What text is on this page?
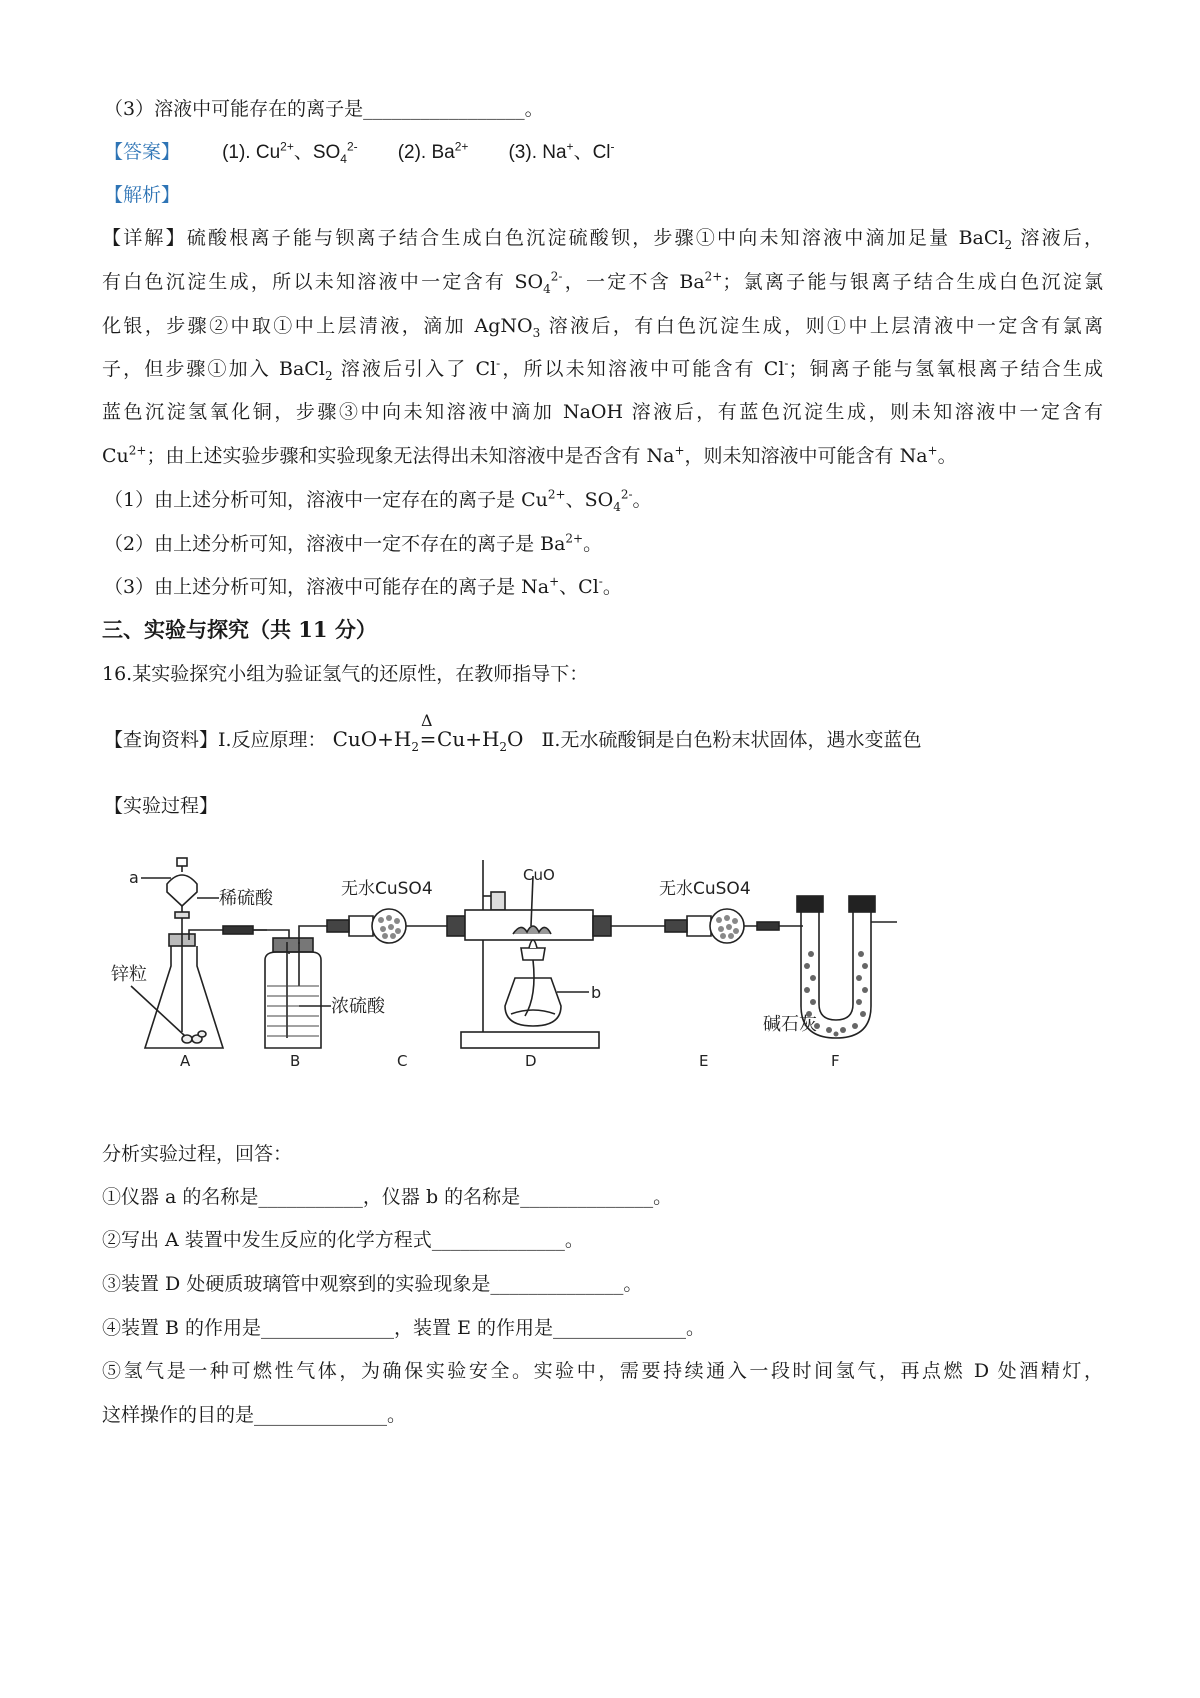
（3）溶液中可能存在的离子是_________________。
【答案】 (1). $Cu^{2+}$、$SO_4^{2-}$ (2). $Ba^{2+}$ (3). Na+、Cl-
【解析】
【详解】硫酸根离子能与钡离子结合生成白色沉淀硫酸钡，步骤①中向未知溶液中滴加足量 BaCl$_2$ 溶液后，
有白色沉淀生成，所以未知溶液中一定含有 $SO_4^{2-}$，一定不含 $Ba^{2+}$；氯离子能与银离子结合生成白色沉淀氯
化银，步骤②中取①中上层清液，滴加 AgNO$_3$ 溶液后，有白色沉淀生成，则①中上层清液中一定含有氯离
子，但步骤①加入 BaCl$_2$ 溶液后引入了 Cl-，所以未知溶液中可能含有 Cl-；铜离子能与氢氧根离子结合生成
蓝色沉淀氢氧化铜，步骤③中向未知溶液中滴加 NaOH 溶液后，有蓝色沉淀生成，则未知溶液中一定含有
$Cu^{2+}$；由上述实验步骤和实验现象无法得出未知溶液中是否含有 Na+，则未知溶液中可能含有 Na+。
（1）由上述分析可知，溶液中一定存在的离子是 $Cu^{2+}$、$SO_4^{2-}$。
（2）由上述分析可知，溶液中一定不存在的离子是 $Ba^{2+}$。
（3）由上述分析可知，溶液中可能存在的离子是 Na+、Cl-。
三、实验与探究（共 11 分）
16.某实验探究小组为验证氢气的还原性，在教师指导下：
【查询资料】Ⅰ.反应原理： $CuO+H_2$
Δ
$=Cu+H_2O$ Ⅱ.无水硫酸铜是白色粉末状固体，遇水变蓝色
【实验过程】
a
稀硫酸
锌粒
浓硫酸
无水CuSO4
CuO
b
无水CuSO4
碱石灰
A	B	C	D	E	F
分析实验过程，回答：
①仪器 a 的名称是___________，仪器 b 的名称是______________。
②写出 A 装置中发生反应的化学方程式______________。
③装置 D 处硬质玻璃管中观察到的实验现象是______________。
④装置 B 的作用是______________，装置 E 的作用是______________。
⑤氢气是一种可燃性气体，为确保实验安全。实验中，需要持续通入一段时间氢气，再点燃 D 处酒精灯，
这样操作的目的是______________。
